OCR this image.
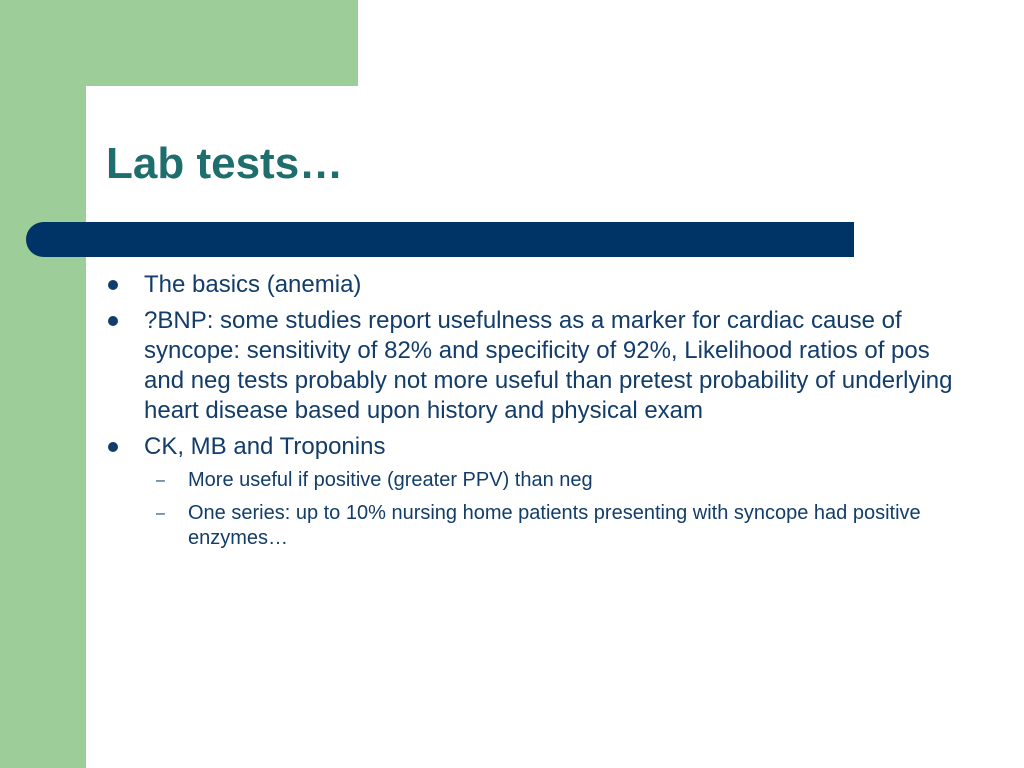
Lab tests…
The basics (anemia)
?BNP: some studies report usefulness as a marker for cardiac cause of syncope: sensitivity of 82% and specificity of 92%, Likelihood ratios of pos and neg tests probably not more useful than pretest probability of underlying heart disease based upon history and physical exam
CK, MB and Troponins
– More useful if positive (greater PPV) than neg
– One series: up to 10% nursing home patients presenting with syncope had positive enzymes…
